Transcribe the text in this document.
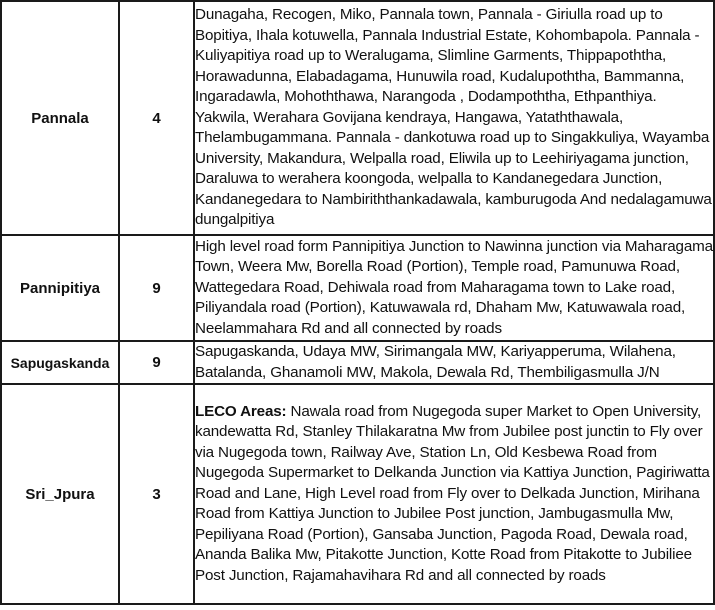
Pannala	4	Dunagaha, Recogen, Miko, Pannala town, Pannala - Giriulla road up to Bopitiya, Ihala kotuwella, Pannala Industrial Estate, Kohombapola. Pannala - Kuliyapitiya road up to Weralugama, Slimline Garments, Thippapoththa, Horawadunna, Elabadagama, Hunuwila road, Kudalupoththa, Bammanna, Ingaradawla, Mohoththawa, Narangoda , Dodampoththa, Ethpanthiya. Yakwila, Werahara Govijana kendraya, Hangawa, Yataththawala, Thelambugammana. Pannala - dankotuwa road up to Singakkuliya, Wayamba University, Makandura, Welpalla road, Eliwila up to Leehiriyagama junction, Daraluwa to werahera koongoda, welpalla to Kandanegedara Junction, Kandanegedara to Nambiriththankadawala, kamburugoda And nedalagamuwa dungalpitiya
Pannipitiya	9	High level road form Pannipitiya Junction to Nawinna junction via Maharagama Town, Weera Mw, Borella Road (Portion), Temple road, Pamunuwa Road, Wattegedara Road, Dehiwala road from Maharagama town to Lake road, Piliyandala road (Portion), Katuwawala rd, Dhaham Mw, Katuwawala road, Neelammahara Rd and all connected by roads
Sapugaskanda	9	Sapugaskanda, Udaya MW, Sirimangala MW, Kariyapperuma, Wilahena, Batalanda, Ghanamoli MW, Makola, Dewala Rd, Thembiligasmulla J/N
Sri_Jpura	3	LECO Areas: Nawala road from Nugegoda super Market to Open University, kandewatta Rd, Stanley Thilakaratna Mw from Jubilee post junctin to Fly over via Nugegoda town, Railway Ave, Station Ln, Old Kesbewa Road from Nugegoda Supermarket to Delkanda Junction via Kattiya Junction, Pagiriwatta Road and Lane, High Level road from Fly over to Delkada Junction, Mirihana Road from Kattiya Junction to Jubilee Post junction, Jambugasmulla Mw, Pepiliyana Road (Portion), Gansaba Junction, Pagoda Road, Dewala road, Ananda Balika Mw, Pitakotte Junction, Kotte Road from Pitakotte to Jubiliee Post Junction, Rajamahavihara Rd and all connected by roads
